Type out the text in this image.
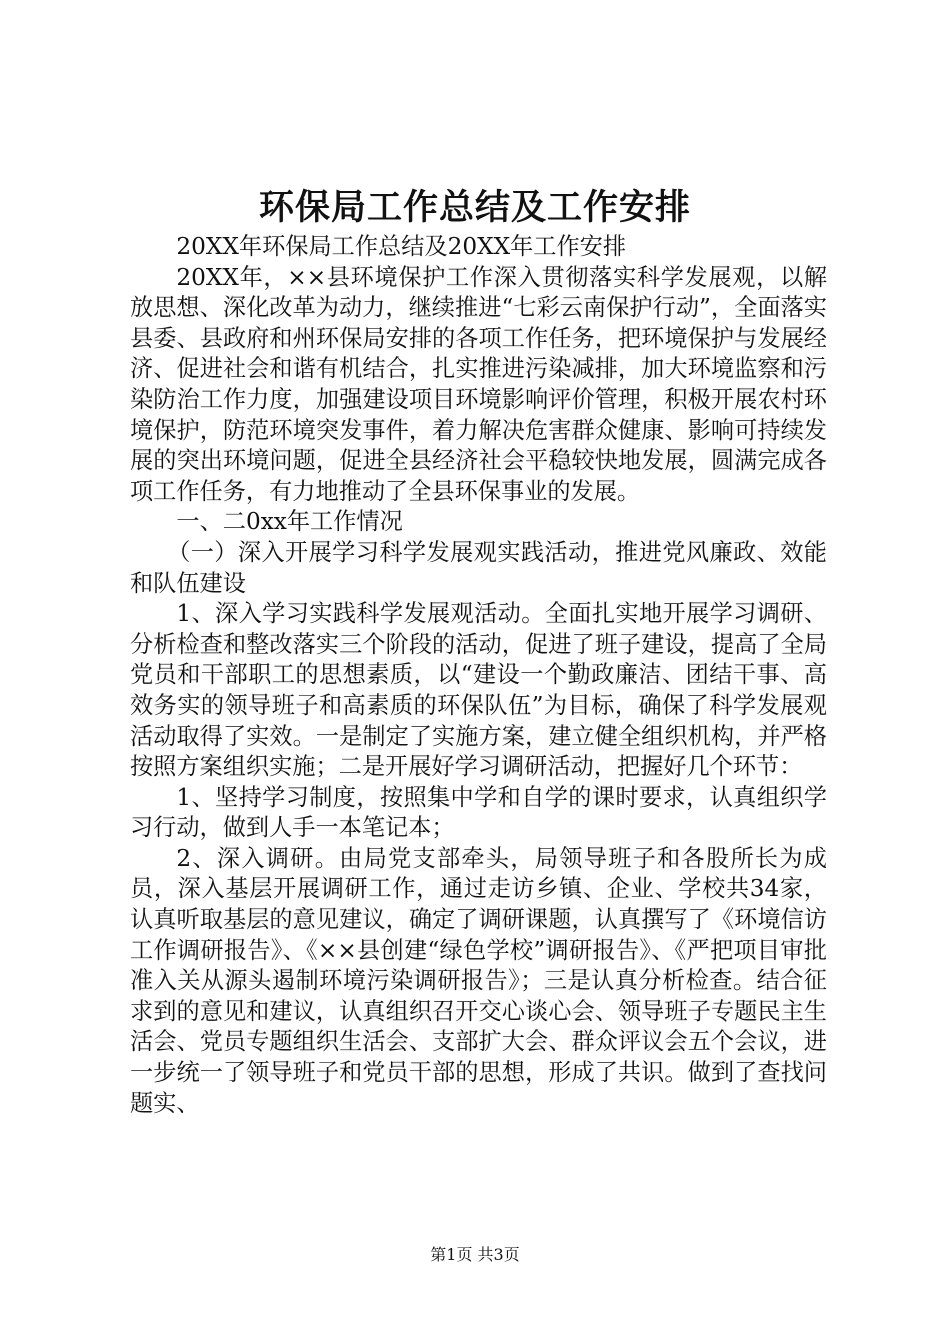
环保局工作总结及工作安排

20XX年环保局工作总结及20XX年工作安排

20XX年，××县环境保护工作深入贯彻落实科学发展观，以解放思想、深化改革为动力，继续推进“七彩云南保护行动”，全面落实县委、县政府和州环保局安排的各项工作任务，把环境保护与发展经济、促进社会和谐有机结合，扎实推进污染减排，加大环境监察和污染防治工作力度，加强建设项目环境影响评价管理，积极开展农村环境保护，防范环境突发事件，着力解决危害群众健康、影响可持续发展的突出环境问题，促进全县经济社会平稳较快地发展，圆满完成各项工作任务，有力地推动了全县环保事业的发展。

一、二0xx年工作情况

（一）深入开展学习科学发展观实践活动，推进党风廉政、效能和队伍建设

1、深入学习实践科学发展观活动。全面扎实地开展学习调研、分析检查和整改落实三个阶段的活动，促进了班子建设，提高了全局党员和干部职工的思想素质，以“建设一个勤政廉洁、团结干事、高效务实的领导班子和高素质的环保队伍”为目标，确保了科学发展观活动取得了实效。一是制定了实施方案，建立健全组织机构，并严格按照方案组织实施；二是开展好学习调研活动，把握好几个环节：

1、坚持学习制度，按照集中学和自学的课时要求，认真组织学习行动，做到人手一本笔记本；

2、深入调研。由局党支部牵头，局领导班子和各股所长为成员，深入基层开展调研工作，通过走访乡镇、企业、学校共34家，认真听取基层的意见建议，确定了调研课题，认真撰写了《环境信访工作调研报告》、《××县创建“绿色学校”调研报告》、《严把项目审批准入关从源头遏制环境污染调研报告》；三是认真分析检查。结合征求到的意见和建议，认真组织召开交心谈心会、领导班子专题民主生活会、党员专题组织生活会、支部扩大会、群众评议会五个会议，进一步统一了领导班子和党员干部的思想，形成了共识。做到了查找问题实、

第1页 共3页
